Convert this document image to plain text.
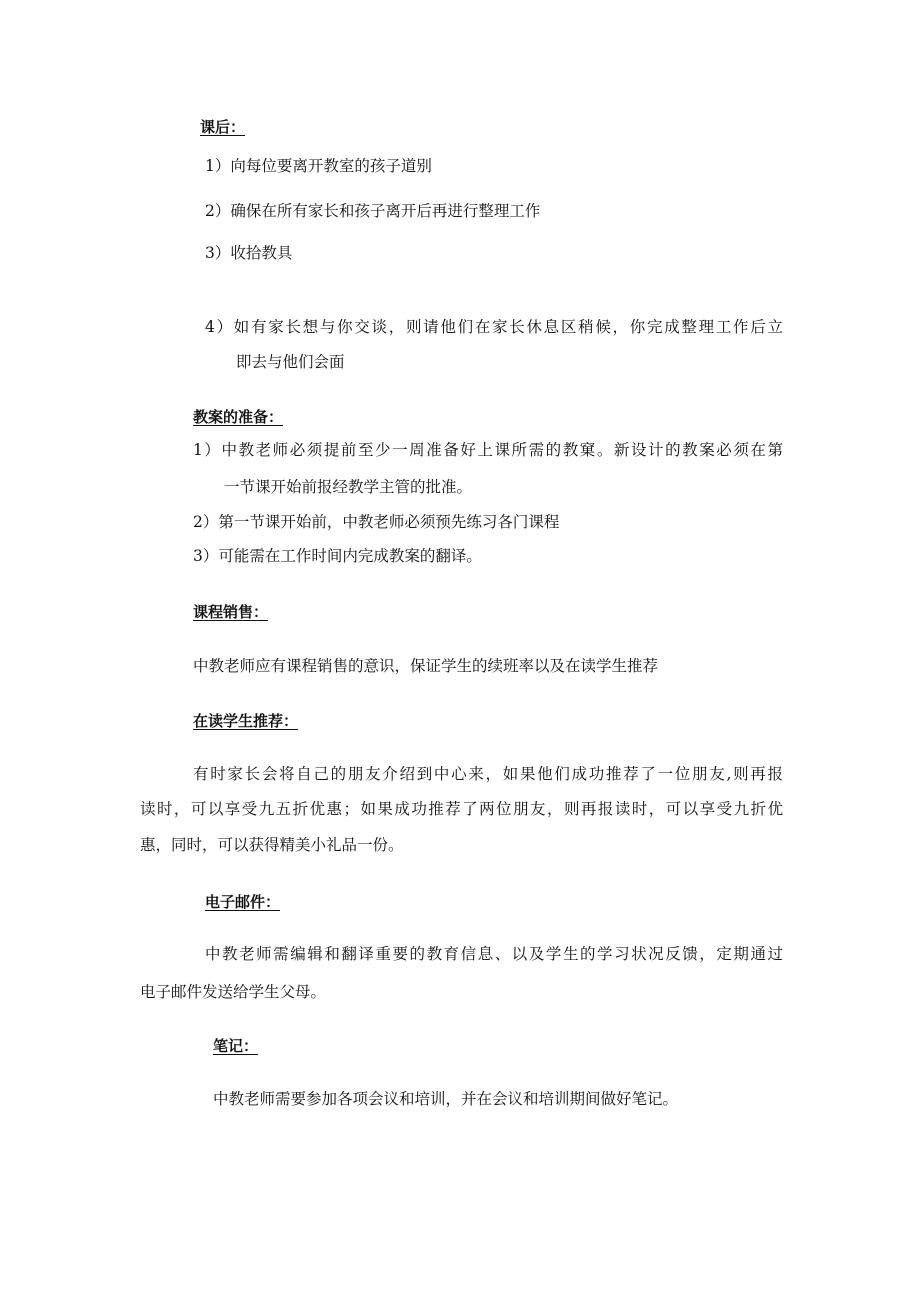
课后：
1）向每位要离开教室的孩子道别
2）确保在所有家长和孩子离开后再进行整理工作
3）收拾教具
4）如有家长想与你交谈，则请他们在家长休息区稍候，你完成整理工作后立
即去与他们会面
教案的准备：
1）中教老师必须提前至少一周准备好上课所需的教窠。新设计的教案必须在第
一节课开始前报经教学主管的批准。
2）第一节课开始前，中教老师必须预先练习各门课程
3）可能需在工作时间内完成教案的翻译。
课程销售：
中教老师应有课程销售的意识，保证学生的续班率以及在读学生推荐
在读学生推荐：
有时家长会将自己的朋友介绍到中心来，如果他们成功推荐了一位朋友,则再报
读时，可以享受九五折优惠；如果成功推荐了两位朋友，则再报读时，可以享受九折优
惠，同时，可以获得精美小礼品一份。
电子邮件：
中教老师需编辑和翻译重要的教育信息、以及学生的学习状况反馈，定期通过
电子邮件发送给学生父母。
笔记：
中教老师需要参加各项会议和培训，并在会议和培训期间做好笔记。
